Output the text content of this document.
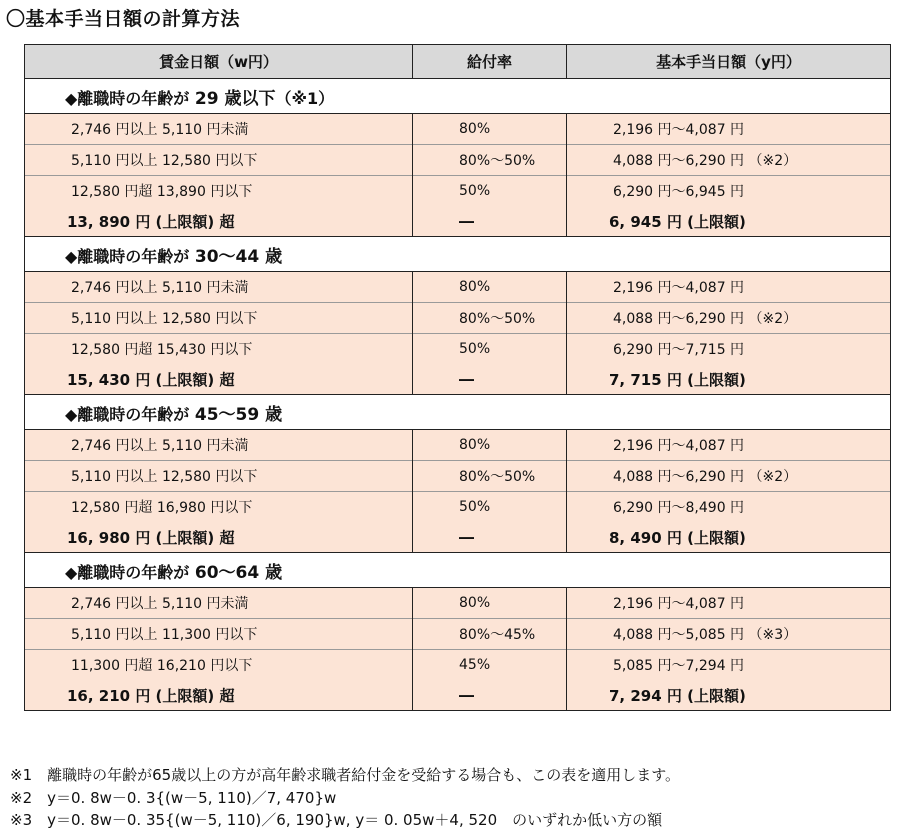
〇基本手当日額の計算方法
賃金日額（w円）	給付率	基本手当日額（y円）
◆離職時の年齢が 29 歳以下（※1）		
2,746 円以上 5,110 円未満	80%	2,196 円～4,087 円
5,110 円以上 12,580 円以下	80%～50%	4,088 円～6,290 円 （※2）
12,580 円超 13,890 円以下	50%	6,290 円～6,945 円
13, 890 円 (上限額) 超	―	6, 945 円 (上限額)
◆離職時の年齢が 30～44 歳		
2,746 円以上 5,110 円未満	80%	2,196 円～4,087 円
5,110 円以上 12,580 円以下	80%～50%	4,088 円～6,290 円 （※2）
12,580 円超 15,430 円以下	50%	6,290 円～7,715 円
15, 430 円 (上限額) 超	―	7, 715 円 (上限額)
◆離職時の年齢が 45～59 歳		
2,746 円以上 5,110 円未満	80%	2,196 円～4,087 円
5,110 円以上 12,580 円以下	80%～50%	4,088 円～6,290 円 （※2）
12,580 円超 16,980 円以下	50%	6,290 円～8,490 円
16, 980 円 (上限額) 超	―	8, 490 円 (上限額)
◆離職時の年齢が 60～64 歳		
2,746 円以上 5,110 円未満	80%	2,196 円～4,087 円
5,110 円以上 11,300 円以下	80%～45%	4,088 円～5,085 円 （※3）
11,300 円超 16,210 円以下	45%	5,085 円～7,294 円
16, 210 円 (上限額) 超	―	7, 294 円 (上限額)
※1　離職時の年齢が65歳以上の方が高年齢求職者給付金を受給する場合も、この表を適用します。
※2　y＝0. 8w－0. 3{(w－5, 110)／7, 470}w
※3　y＝0. 8w－0. 35{(w－5, 110)／6, 190}w, y＝ 0. 05w＋4, 520　のいずれか低い方の額
